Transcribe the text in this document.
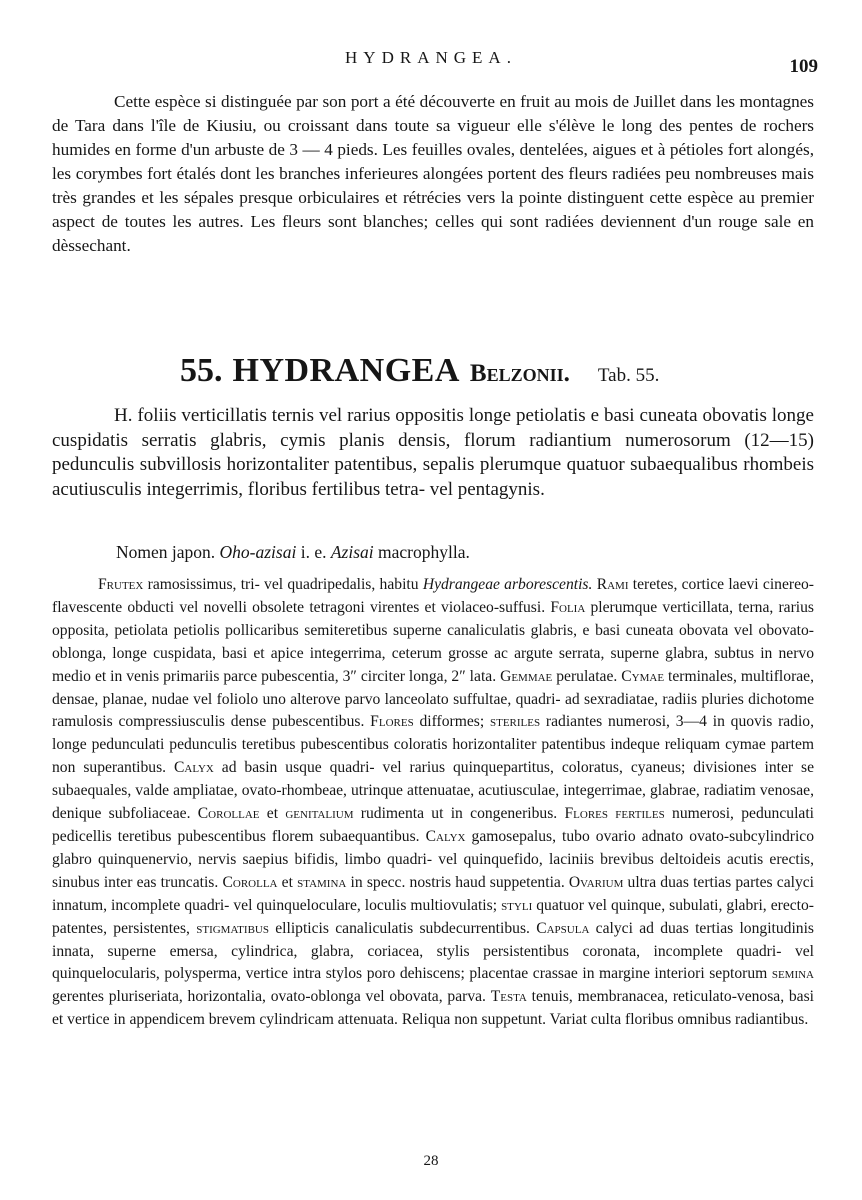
HYDRANGEA.	109

Cette espèce si distinguée par son port a été découverte en fruit au mois de Juillet dans les montagnes de Tara dans l'île de Kiusiu, ou croissant dans toute sa vigueur elle s'élève le long des pentes de rochers humides en forme d'un arbuste de 3 — 4 pieds. Les feuilles ovales, dentelées, aigues et à pétioles fort alongés, les corymbes fort étalés dont les branches inferieures alongées portent des fleurs radiées peu nombreuses mais très grandes et les sépales presque orbiculaires et rétrécies vers la pointe distinguent cette espèce au premier aspect de toutes les autres. Les fleurs sont blanches; celles qui sont radiées deviennent d'un rouge sale en dèssechant.

55. HYDRANGEA Belzonii. Tab. 55.

H. foliis verticillatis ternis vel rarius oppositis longe petiolatis e basi cuneata obovatis longe cuspidatis serratis glabris, cymis planis densis, florum radiantium numerosorum (12—15) pedunculis subvillosis horizontaliter patentibus, sepalis plerumque quatuor subaequalibus rhombeis acutiusculis integerrimis, floribus fertilibus tetra- vel pentagynis.

Nomen japon. Oho-azisai i. e. Azisai macrophylla.

Frutex ramosissimus, tri- vel quadripedalis, habitu Hydrangeae arborescentis. Rami teretes, cortice laevi cinereo-flavescente obducti vel novelli obsolete tetragoni virentes et violaceo-suffusi. Folia plerumque verticillata, terna, rarius opposita, petiolata petiolis pollicaribus semiteretibus superne canaliculatis glabris, e basi cuneata obovata vel obovato-oblonga, longe cuspidata, basi et apice integerrima, ceterum grosse ac argute serrata, superne glabra, subtus in nervo medio et in venis primariis parce pubescentia, 3″ circiter longa, 2″ lata. Gemmae perulatae. Cymae terminales, multiflorae, densae, planae, nudae vel foliolo uno alterove parvo lanceolato suffultae, quadri- ad sexradiatae, radiis pluries dichotome ramulosis compressiusculis dense pubescentibus. Flores difformes; steriles radiantes numerosi, 3—4 in quovis radio, longe pedunculati pedunculis teretibus pubescentibus coloratis horizontaliter patentibus indeque reliquam cymae partem non superantibus. Calyx ad basin usque quadri- vel rarius quinquepartitus, coloratus, cyaneus; divisiones inter se subaequales, valde ampliatae, ovato-rhombeae, utrinque attenuatae, acutiusculae, integerrimae, glabrae, radiatim venosae, denique subfoliaceae. Corollae et genitalium rudimenta ut in congeneribus. Flores fertiles numerosi, pedunculati pedicellis teretibus pubescentibus florem subaequantibus. Calyx gamosepalus, tubo ovario adnato ovato-subcylindrico glabro quinquenervio, nervis saepius bifidis, limbo quadri- vel quinquefido, laciniis brevibus deltoideis acutis erectis, sinubus inter eas truncatis. Corolla et stamina in specc. nostris haud suppetentia. Ovarium ultra duas tertias partes calyci innatum, incomplete quadri- vel quinqueloculare, loculis multiovulatis; styli quatuor vel quinque, subulati, glabri, erecto-patentes, persistentes, stigmatibus ellipticis canaliculatis subdecurrentibus. Capsula calyci ad duas tertias longitudinis innata, superne emersa, cylindrica, glabra, coriacea, stylis persistentibus coronata, incomplete quadri- vel quinquelocularis, polysperma, vertice intra stylos poro dehiscens; placentae crassae in margine interiori septorum semina gerentes pluriseriata, horizontalia, ovato-oblonga vel obovata, parva. Testa tenuis, membranacea, reticulato-venosa, basi et vertice in appendicem brevem cylindricam attenuata. Reliqua non suppetunt. Variat culta floribus omnibus radiantibus.

28
